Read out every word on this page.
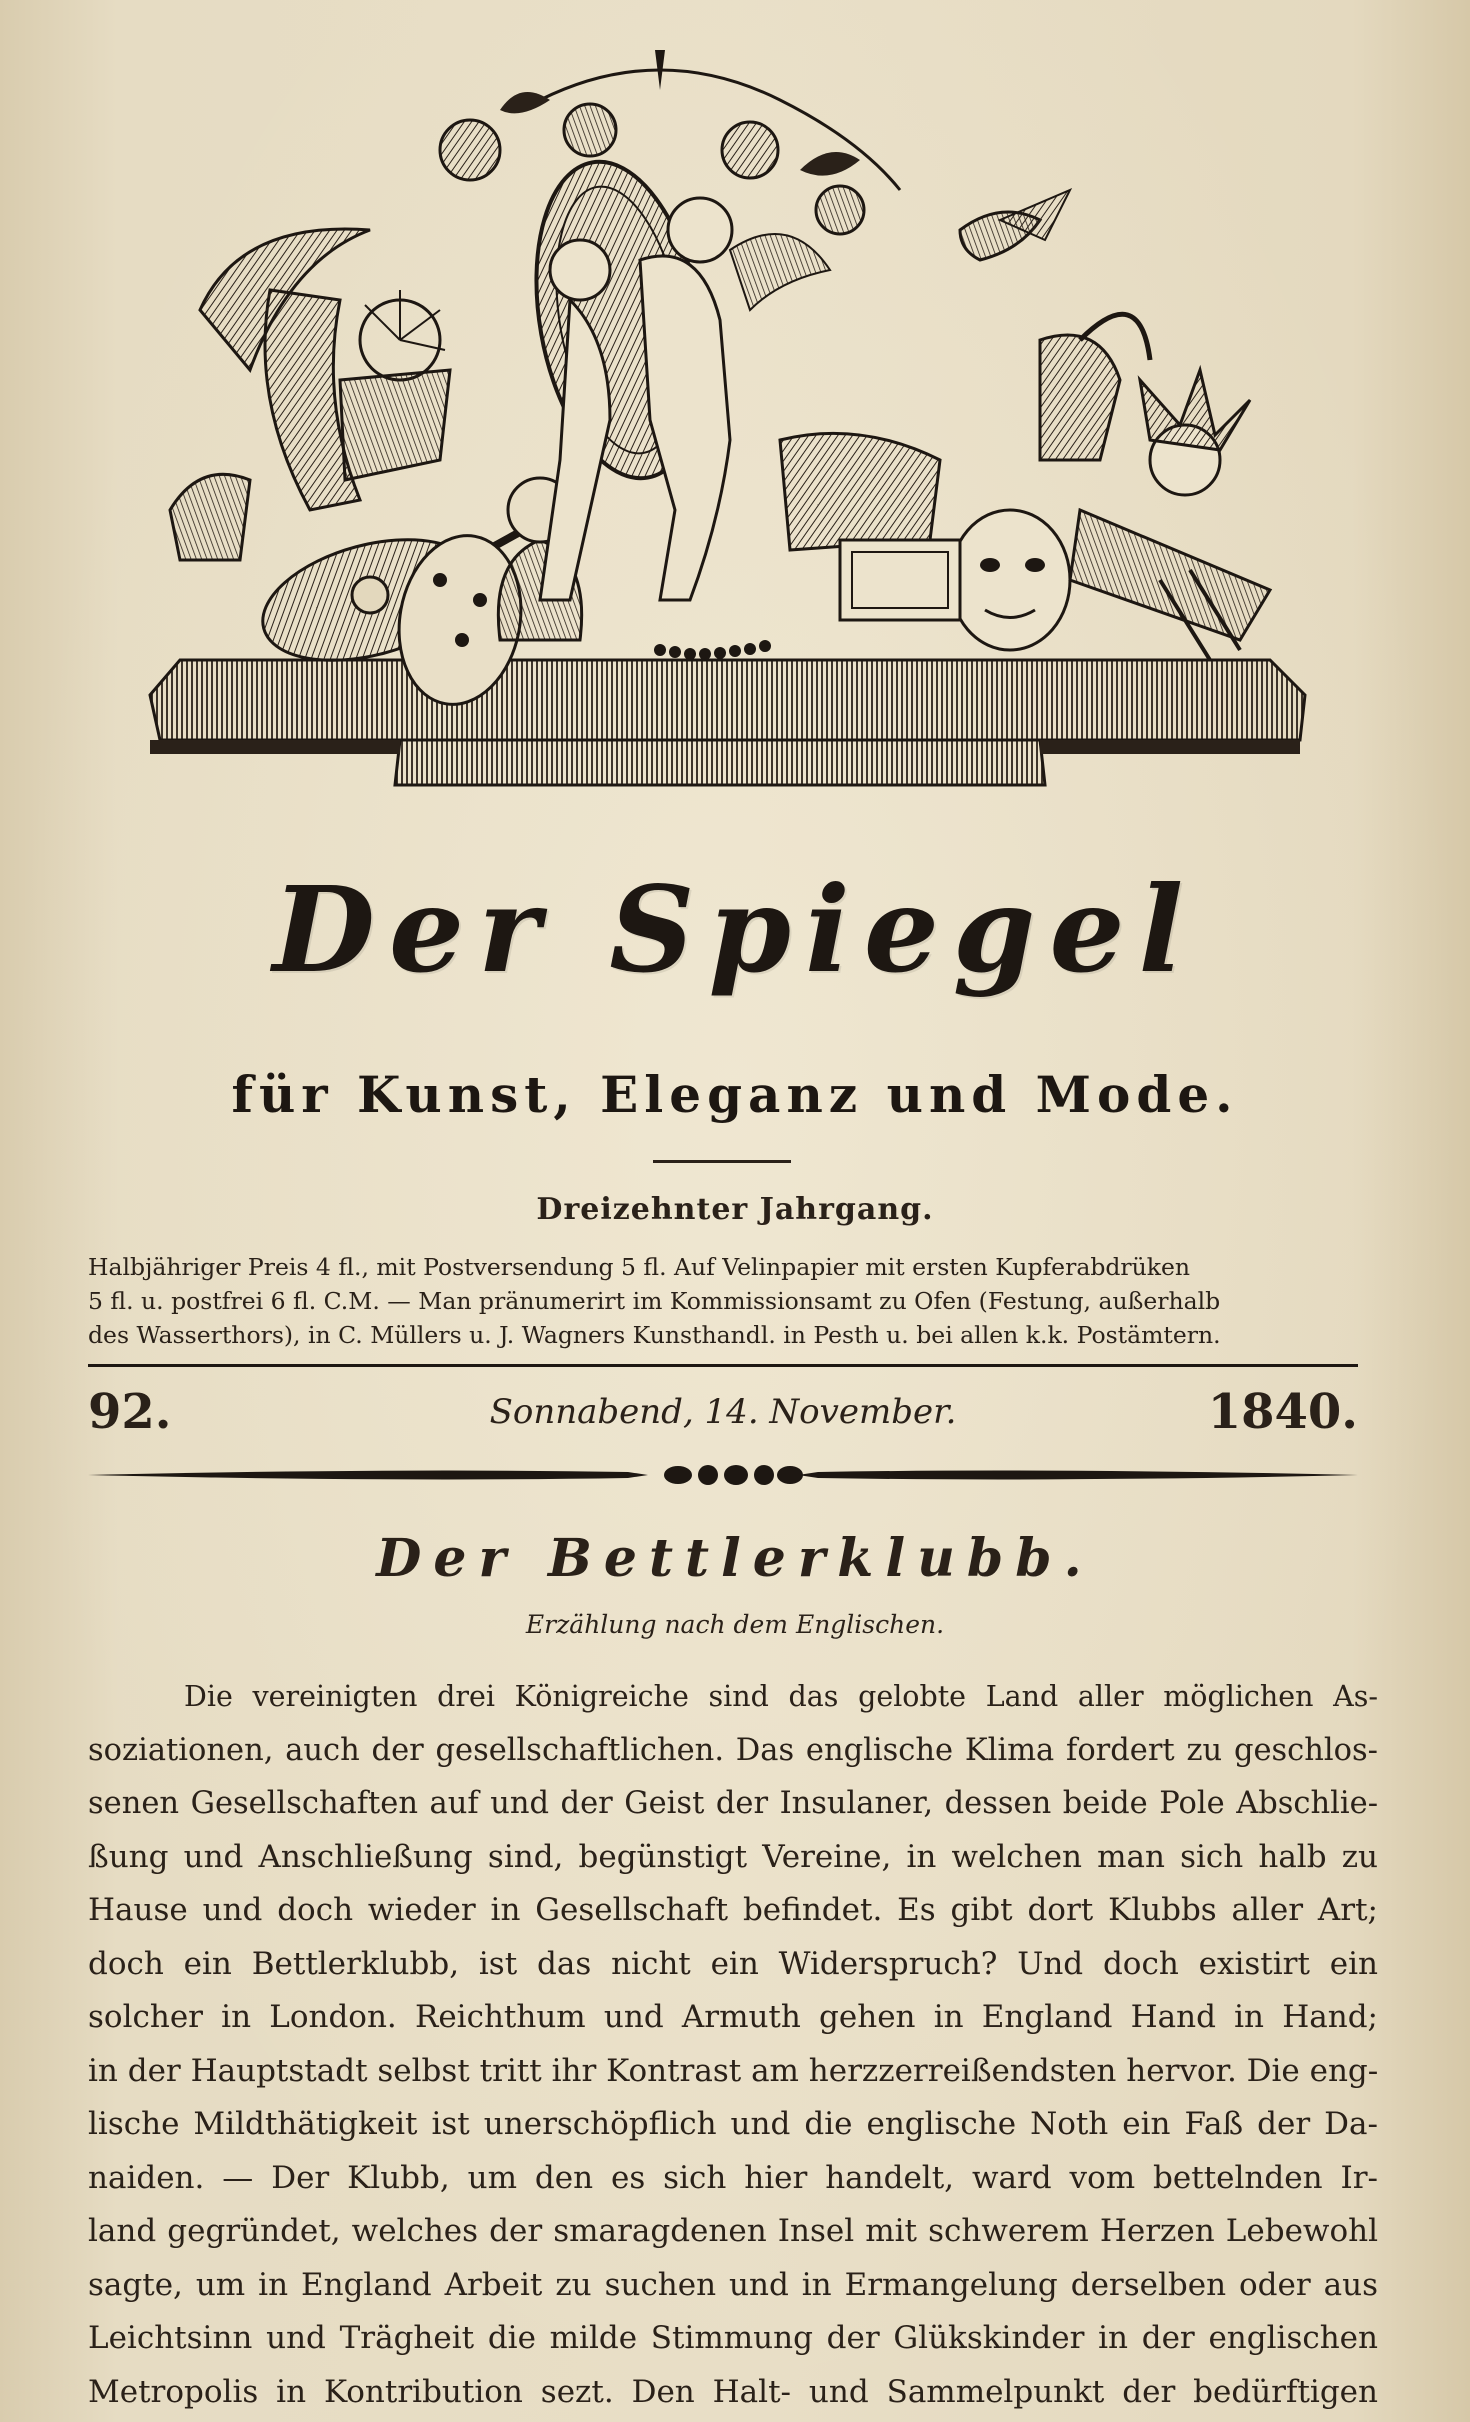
Der Spiegel
für Kunst, Eleganz und Mode.
Dreizehnter Jahrgang.
Halbjähriger Preis 4 fl., mit Postversendung 5 fl. Auf Velinpapier mit ersten Kupferabdrüken
5 fl. u. postfrei 6 fl. C.M. — Man pränumerirt im Kommissionsamt zu Ofen (Festung, außerhalb
des Wasserthors), in C. Müllers u. J. Wagners Kunsthandl. in Pesth u. bei allen k.k. Postämtern.
92.	Sonnabend, 14. November.	1840.
Der Bettlerklubb.
Erzählung nach dem Englischen.
Die vereinigten drei Königreiche sind das gelobte Land aller möglichen As-
soziationen, auch der gesellschaftlichen. Das englische Klima fordert zu geschlos-
senen Gesellschaften auf und der Geist der Insulaner, dessen beide Pole Abschlie-
ßung und Anschließung sind, begünstigt Vereine, in welchen man sich halb zu
Hause und doch wieder in Gesellschaft befindet. Es gibt dort Klubbs aller Art;
doch ein Bettlerklubb, ist das nicht ein Widerspruch? Und doch existirt ein
solcher in London. Reichthum und Armuth gehen in England Hand in Hand;
in der Hauptstadt selbst tritt ihr Kontrast am herzzerreißendsten hervor. Die eng-
lische Mildthätigkeit ist unerschöpflich und die englische Noth ein Faß der Da-
naiden. — Der Klubb, um den es sich hier handelt, ward vom bettelnden Ir-
land gegründet, welches der smaragdenen Insel mit schwerem Herzen Lebewohl
sagte, um in England Arbeit zu suchen und in Ermangelung derselben oder aus
Leichtsinn und Trägheit die milde Stimmung der Glükskinder in der englischen
Metropolis in Kontribution sezt. Den Halt- und Sammelpunkt der bedürftigen
